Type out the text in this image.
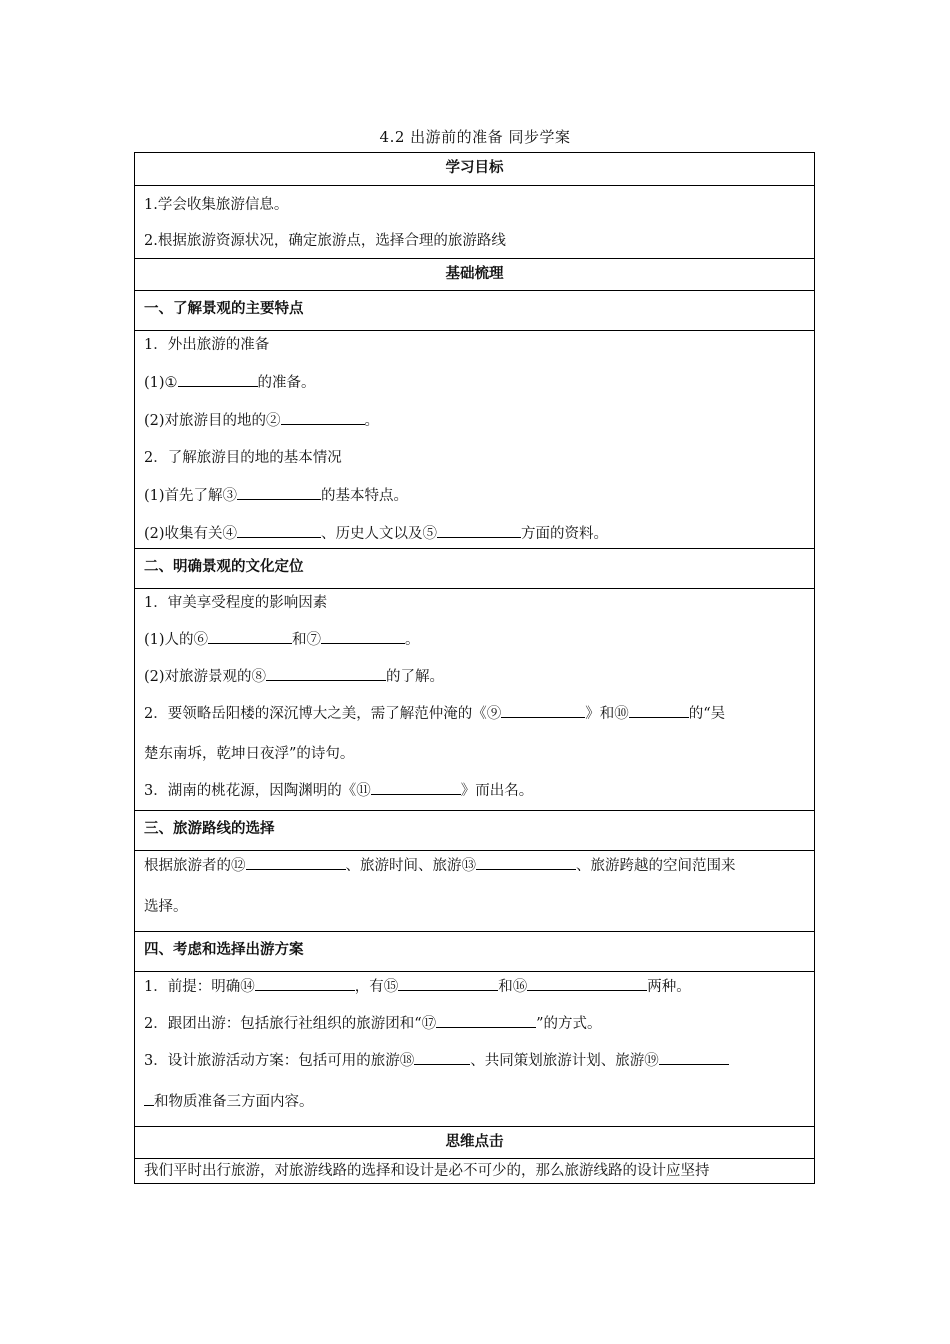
4.2 出游前的准备 同步学案
学习目标
1.学会收集旅游信息。
2.根据旅游资源状况，确定旅游点，选择合理的旅游路线
基础梳理
一、了解景观的主要特点
1．外出旅游的准备
(1)①	的准备。
(2)对旅游目的地的②	。
2．了解旅游目的地的基本情况
(1)首先了解③	的基本特点。
(2)收集有关④	、历史人文以及⑤	方面的资料。
二、明确景观的文化定位
1．审美享受程度的影响因素
(1)人的⑥	和⑦	。
(2)对旅游景观的⑧	的了解。
2．要领略岳阳楼的深沉博大之美，需了解范仲淹的《⑨	》和⑩	的“吴
楚东南坼，乾坤日夜浮”的诗句。
3．湖南的桃花源，因陶渊明的《⑪	》而出名。
三、旅游路线的选择
根据旅游者的⑫	、旅游时间、旅游⑬	、旅游跨越的空间范围来
选择。
四、考虑和选择出游方案
1．前提：明确⑭	，有⑮	和⑯	两种。
2．跟团出游：包括旅行社组织的旅游团和“⑰	”的方式。
3．设计旅游活动方案：包括可用的旅游⑱	、共同策划旅游计划、旅游⑲
和物质准备三方面内容。
思维点击
我们平时出行旅游，对旅游线路的选择和设计是必不可少的，那么旅游线路的设计应坚持
